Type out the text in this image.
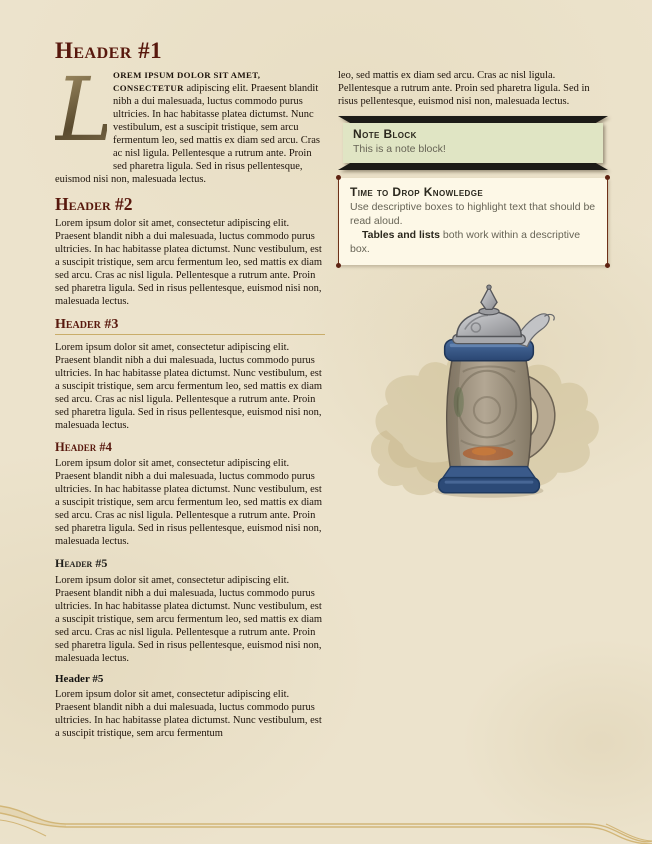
Header #1

L OREM IPSUM DOLOR SIT AMET, CONSECTETUR adipiscing elit. Praesent blandit nibh a dui malesuada, luctus commodo purus ultricies. In hac habitasse platea dictumst. Nunc vestibulum, est a suscipit tristique, sem arcu fermentum leo, sed mattis ex diam sed arcu. Cras ac nisl ligula. Pellentesque a rutrum ante. Proin sed pharetra ligula. Sed in risus pellentesque, euismod nisi non, malesuada lectus.

Header #2

Lorem ipsum dolor sit amet, consectetur adipiscing elit. Praesent blandit nibh a dui malesuada, luctus commodo purus ultricies. In hac habitasse platea dictumst. Nunc vestibulum, est a suscipit tristique, sem arcu fermentum leo, sed mattis ex diam sed arcu. Cras ac nisl ligula. Pellentesque a rutrum ante. Proin sed pharetra ligula. Sed in risus pellentesque, euismod nisi non, malesuada lectus.

Header #3

Lorem ipsum dolor sit amet, consectetur adipiscing elit. Praesent blandit nibh a dui malesuada, luctus commodo purus ultricies. In hac habitasse platea dictumst. Nunc vestibulum, est a suscipit tristique, sem arcu fermentum leo, sed mattis ex diam sed arcu. Cras ac nisl ligula. Pellentesque a rutrum ante. Proin sed pharetra ligula. Sed in risus pellentesque, euismod nisi non, malesuada lectus.

Header #4

Lorem ipsum dolor sit amet, consectetur adipiscing elit. Praesent blandit nibh a dui malesuada, luctus commodo purus ultricies. In hac habitasse platea dictumst. Nunc vestibulum, est a suscipit tristique, sem arcu fermentum leo, sed mattis ex diam sed arcu. Cras ac nisl ligula. Pellentesque a rutrum ante. Proin sed pharetra ligula. Sed in risus pellentesque, euismod nisi non, malesuada lectus.

Header #5

Lorem ipsum dolor sit amet, consectetur adipiscing elit. Praesent blandit nibh a dui malesuada, luctus commodo purus ultricies. In hac habitasse platea dictumst. Nunc vestibulum, est a suscipit tristique, sem arcu fermentum leo, sed mattis ex diam sed arcu. Cras ac nisl ligula. Pellentesque a rutrum ante. Proin sed pharetra ligula. Sed in risus pellentesque, euismod nisi non, malesuada lectus.

Header #5

Lorem ipsum dolor sit amet, consectetur adipiscing elit. Praesent blandit nibh a dui malesuada, luctus commodo purus ultricies. In hac habitasse platea dictumst. Nunc vestibulum, est a suscipit tristique, sem arcu fermentum

leo, sed mattis ex diam sed arcu. Cras ac nisl ligula. Pellentesque a rutrum ante. Proin sed pharetra ligula. Sed in risus pellentesque, euismod nisi non, malesuada lectus.

Note Block

This is a note block!

Time to Drop Knowledge

Use descriptive boxes to highlight text that should be read aloud.

Tables and lists both work within a descriptive box.
